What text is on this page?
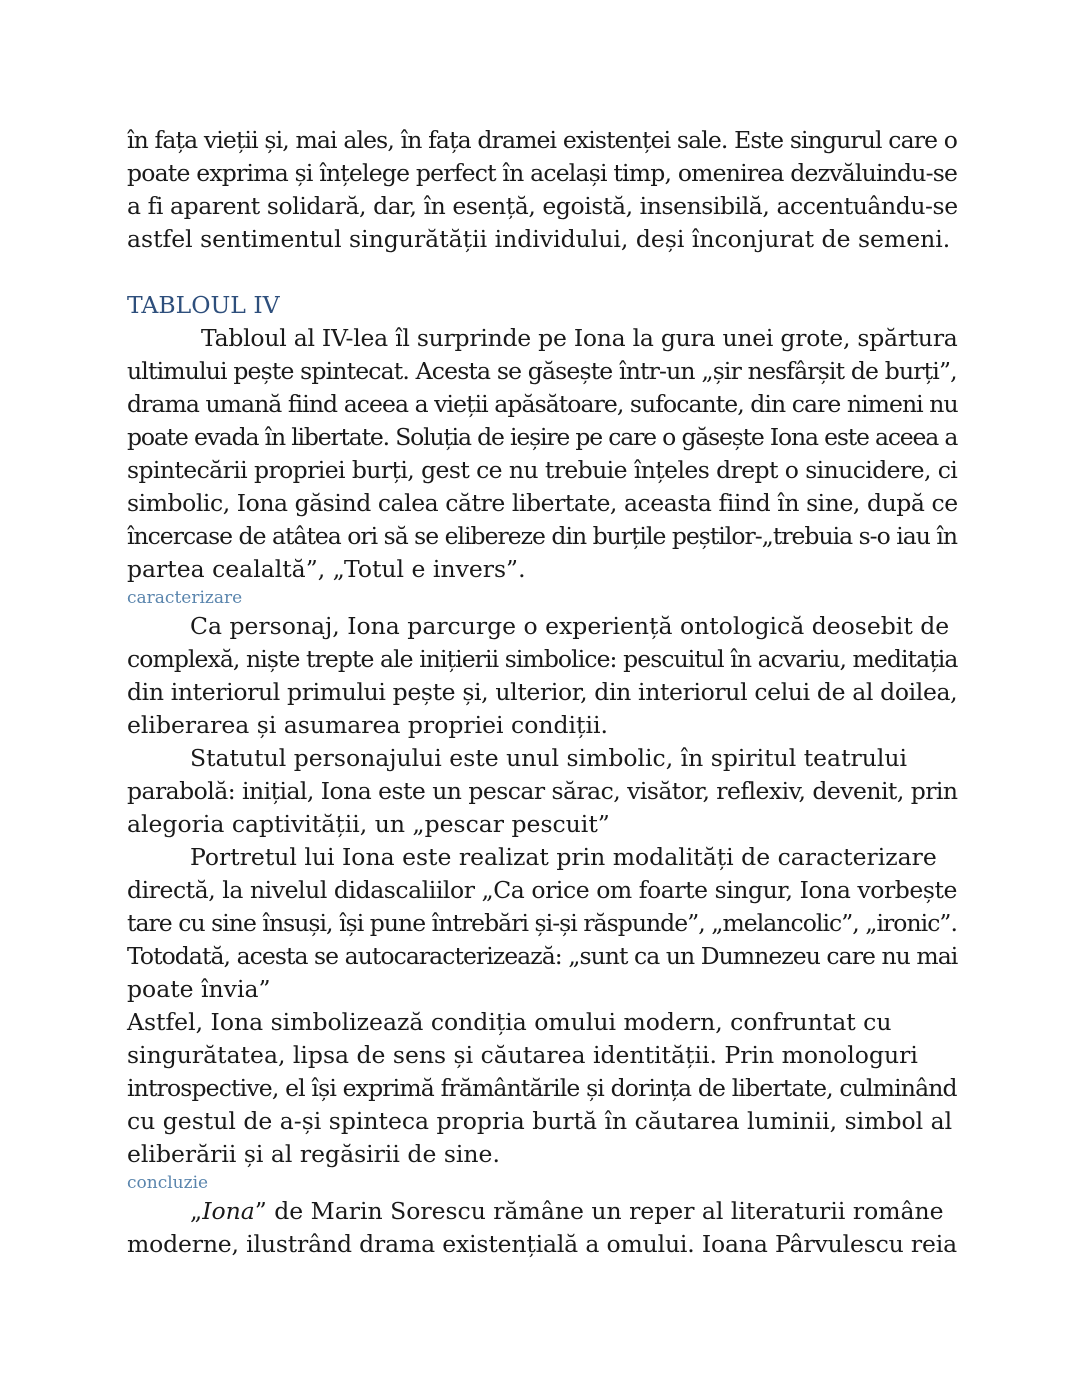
în fața vieții și, mai ales, în fața dramei existenței sale. Este singurul care o
poate exprima și înțelege perfect în același timp, omenirea dezvăluindu-se
a fi aparent solidară, dar, în esență, egoistă, insensibilă, accentuându-se
astfel sentimentul singurătății individului, deși înconjurat de semeni.
TABLOUL IV
Tabloul al IV-lea îl surprinde pe Iona la gura unei grote, spărtura
ultimului pește spintecat. Acesta se găsește într-un „șir nesfârșit de burți”,
drama umană fiind aceea a vieții apăsătoare, sufocante, din care nimeni nu
poate evada în libertate. Soluția de ieșire pe care o găsește Iona este aceea a
spintecării propriei burți, gest ce nu trebuie înțeles drept o sinucidere, ci
simbolic, Iona găsind calea către libertate, aceasta fiind în sine, după ce
încercase de atâtea ori să se elibereze din burțile peștilor-„trebuia s-o iau în
partea cealaltă”, „Totul e invers”.
caracterizare
Ca personaj, Iona parcurge o experiență ontologică deosebit de
complexă, niște trepte ale inițierii simbolice: pescuitul în acvariu, meditația
din interiorul primului pește și, ulterior, din interiorul celui de al doilea,
eliberarea și asumarea propriei condiții.
Statutul personajului este unul simbolic, în spiritul teatrului
parabolă: inițial, Iona este un pescar sărac, visător, reflexiv, devenit, prin
alegoria captivității, un „pescar pescuit”
Portretul lui Iona este realizat prin modalități de caracterizare
directă, la nivelul didascaliilor „Ca orice om foarte singur, Iona vorbește
tare cu sine însuși, își pune întrebări și-și răspunde”, „melancolic”, „ironic”.
Totodată, acesta se autocaracterizează: „sunt ca un Dumnezeu care nu mai
poate învia”
Astfel, Iona simbolizează condiția omului modern, confruntat cu
singurătatea, lipsa de sens și căutarea identității. Prin monologuri
introspective, el își exprimă frământările și dorința de libertate, culminând
cu gestul de a-și spinteca propria burtă în căutarea luminii, simbol al
eliberării și al regăsirii de sine.
concluzie
„Iona” de Marin Sorescu rămâne un reper al literaturii române
moderne, ilustrând drama existențială a omului. Ioana Pârvulescu reia
